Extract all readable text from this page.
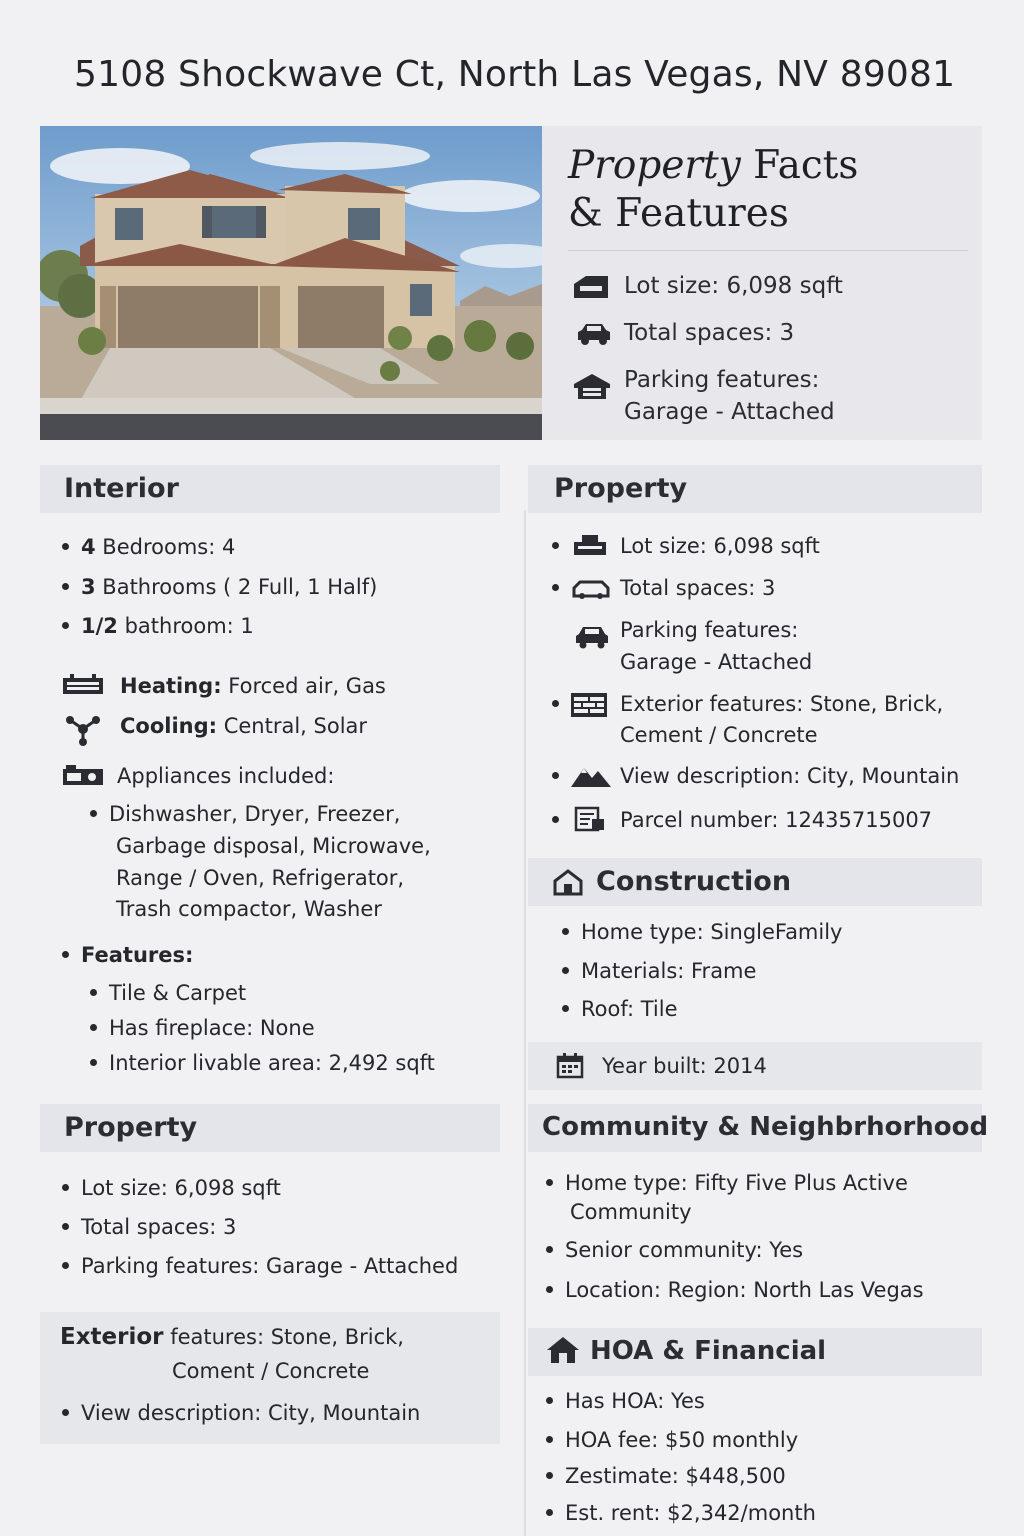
5108 Shockwave Ct, North Las Vegas, NV 89081
Property Facts
& Features
Lot size: 6,098 sqft
Total spaces: 3
Parking features:
Garage - Attached
Interior
4 Bedrooms: 4
3 Bathrooms ( 2 Full, 1 Half)
1/2 bathroom: 1
Heating: Forced air, Gas
Cooling: Central, Solar
Appliances included:
Dishwasher, Dryer, Freezer,
Garbage disposal, Microwave,
Range / Oven, Refrigerator,
Trash compactor, Washer
Features:
Tile & Carpet
Has fireplace: None
Interior livable area: 2,492 sqft
Property
Lot size: 6,098 sqft
Total spaces: 3
Parking features: Garage - Attached
Exterior features: Stone, Brick,
Coment / Concrete
View description: City, Mountain
Property
Lot size: 6,098 sqft
Total spaces: 3
Parking features:
Garage - Attached
Exterior features: Stone, Brick,
Cement / Concrete
View description: City, Mountain
Parcel number: 12435715007
Construction
Home type: SingleFamily
Materials: Frame
Roof: Tile
Year built: 2014
Community & Neighbrhorhood
Home type: Fifty Five Plus Active
Community
Senior community: Yes
Location: Region: North Las Vegas
HOA & Financial
Has HOA: Yes
HOA fee: $50 monthly
Zestimate: $448,500
Est. rent: $2,342/month
